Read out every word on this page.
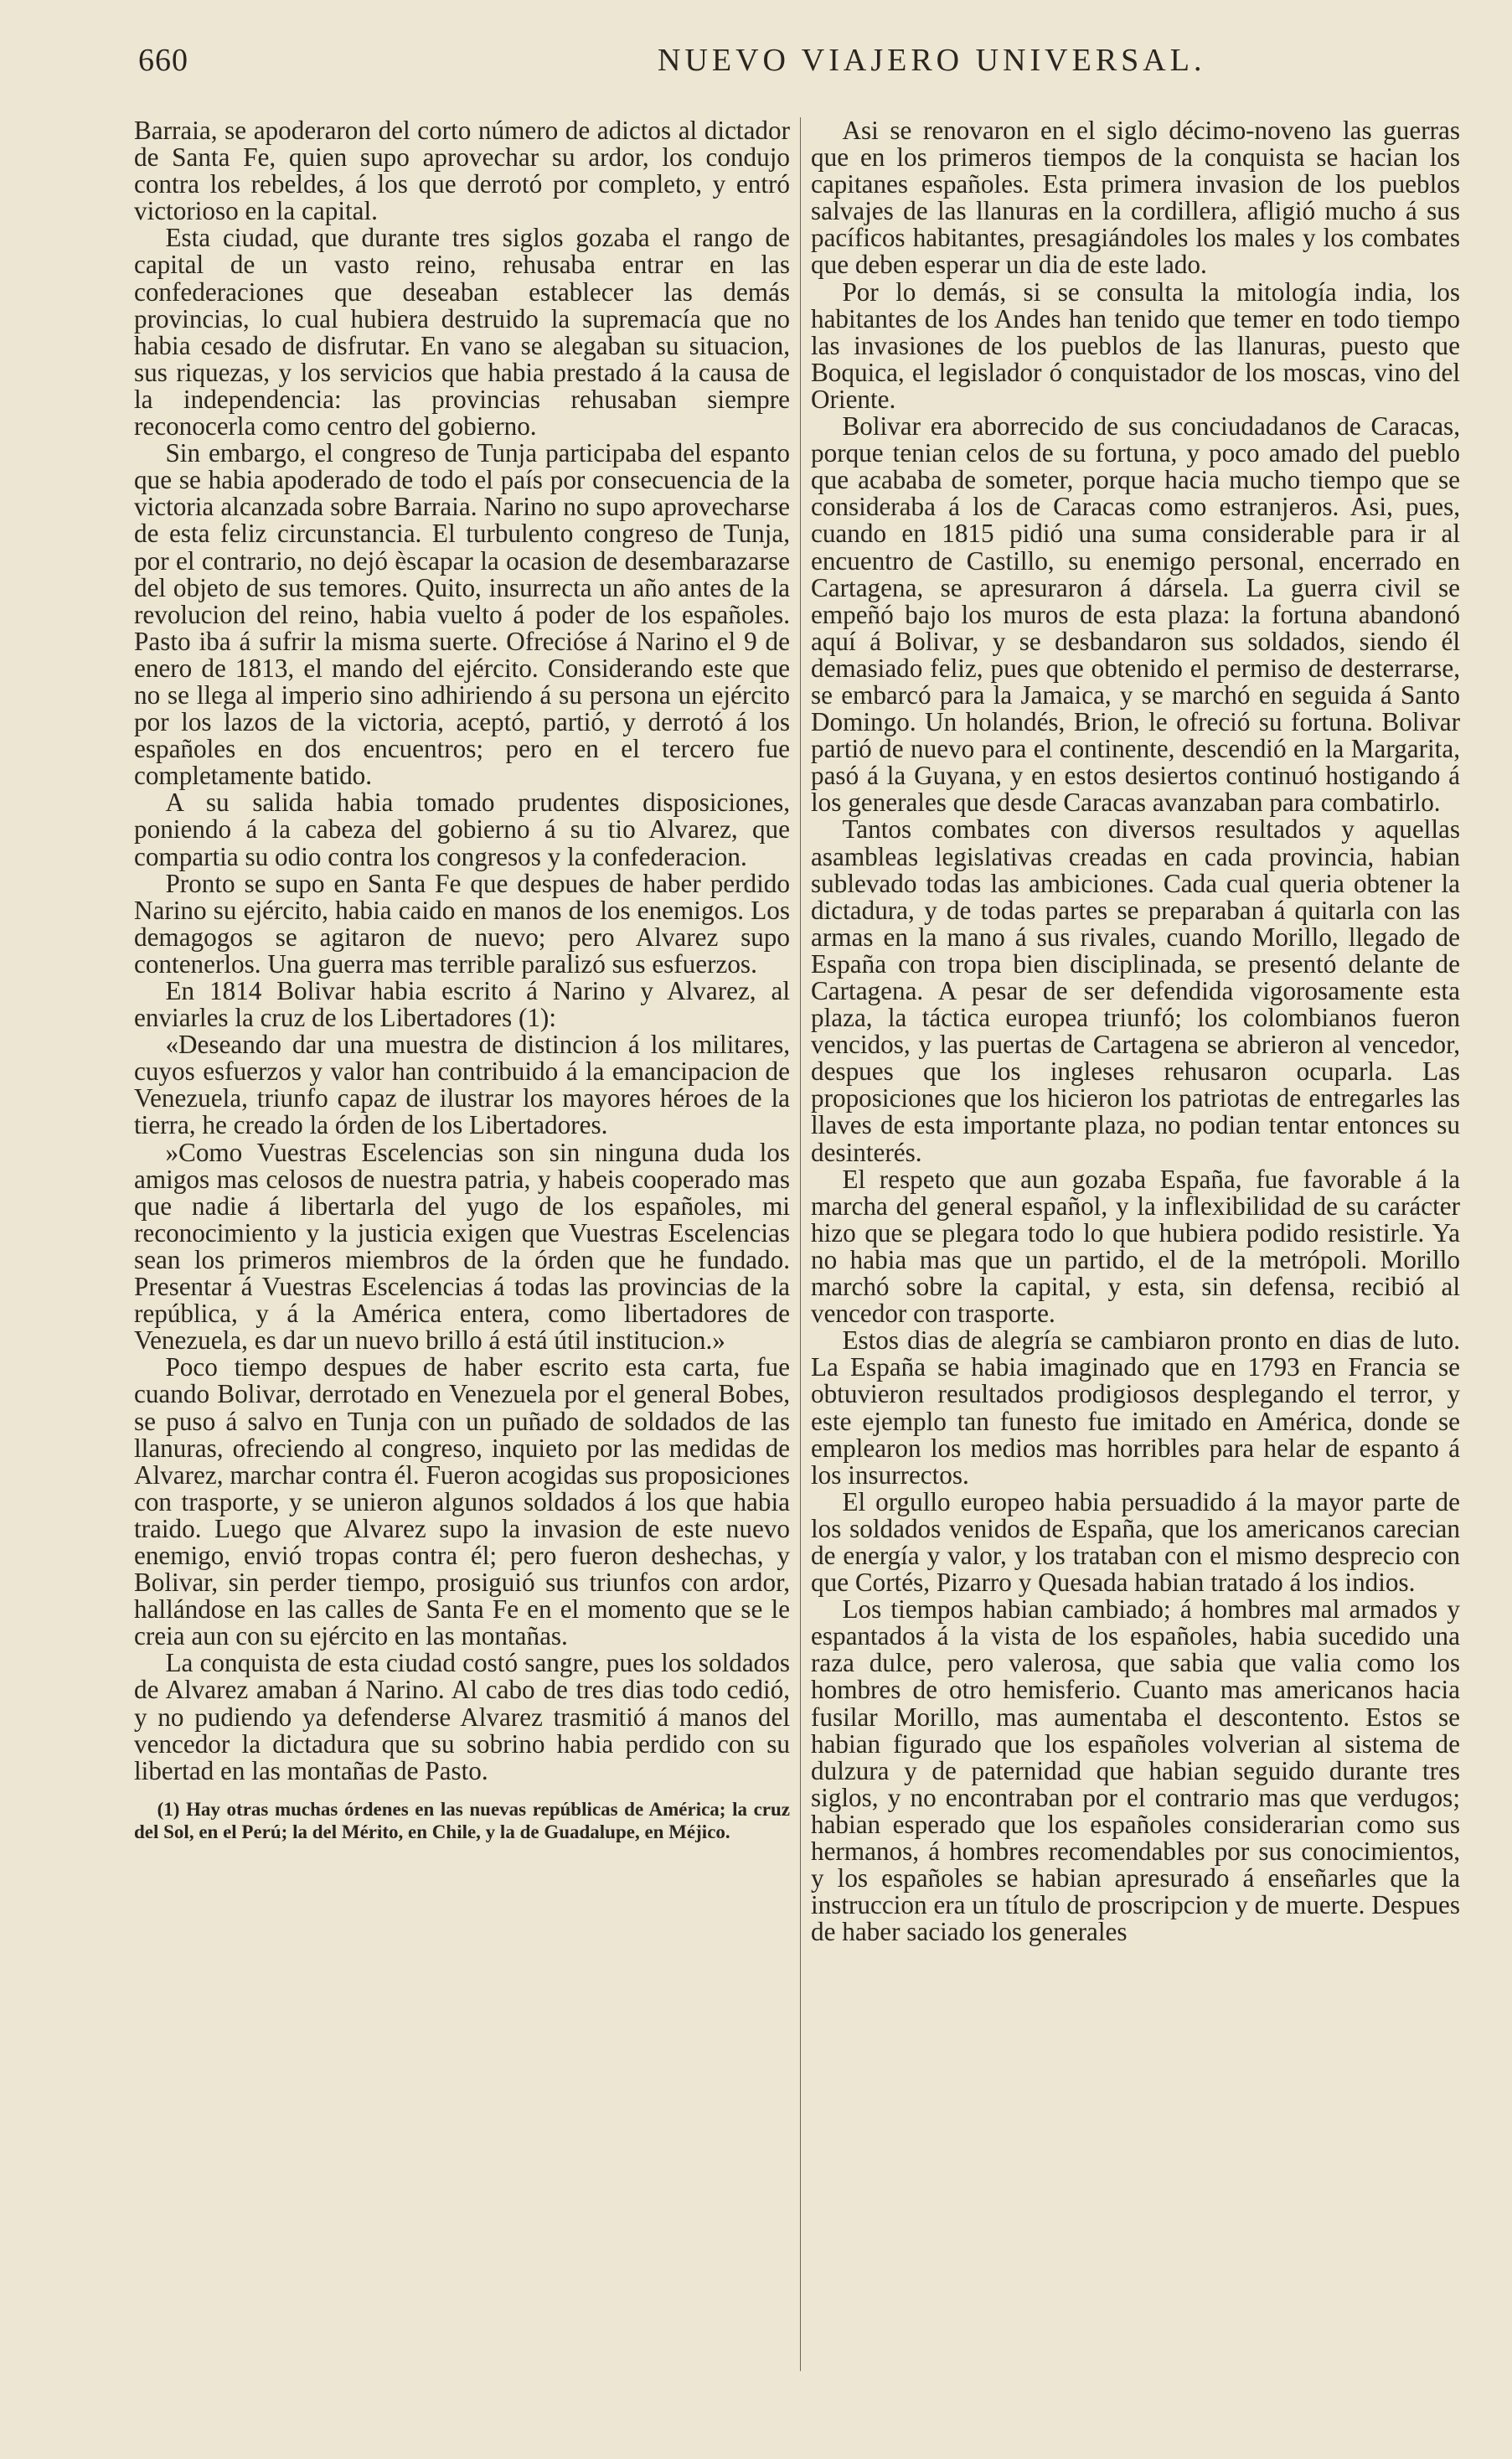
660	NUEVO VIAJERO UNIVERSAL.

Barraia, se apoderaron del corto número de adictos al dictador de Santa Fe, quien supo aprovechar su ardor, los condujo contra los rebeldes, á los que derrotó por completo, y entró victorioso en la capital.

Esta ciudad, que durante tres siglos gozaba el rango de capital de un vasto reino, rehusaba entrar en las confederaciones que deseaban establecer las demás provincias, lo cual hubiera destruido la supremacía que no habia cesado de disfrutar. En vano se alegaban su situacion, sus riquezas, y los servicios que habia prestado á la causa de la independencia: las provincias rehusaban siempre reconocerla como centro del gobierno.

Sin embargo, el congreso de Tunja participaba del espanto que se habia apoderado de todo el país por consecuencia de la victoria alcanzada sobre Barraia. Narino no supo aprovecharse de esta feliz circunstancia. El turbulento congreso de Tunja, por el contrario, no dejó èscapar la ocasion de desembarazarse del objeto de sus temores. Quito, insurrecta un año antes de la revolucion del reino, habia vuelto á poder de los españoles. Pasto iba á sufrir la misma suerte. Ofrecióse á Narino el 9 de enero de 1813, el mando del ejército. Considerando este que no se llega al imperio sino adhiriendo á su persona un ejército por los lazos de la victoria, aceptó, partió, y derrotó á los españoles en dos encuentros; pero en el tercero fue completamente batido.

A su salida habia tomado prudentes disposiciones, poniendo á la cabeza del gobierno á su tio Alvarez, que compartia su odio contra los congresos y la confederacion.

Pronto se supo en Santa Fe que despues de haber perdido Narino su ejército, habia caido en manos de los enemigos. Los demagogos se agitaron de nuevo; pero Alvarez supo contenerlos. Una guerra mas terrible paralizó sus esfuerzos.

En 1814 Bolivar habia escrito á Narino y Alvarez, al enviarles la cruz de los Libertadores (1):

«Deseando dar una muestra de distincion á los militares, cuyos esfuerzos y valor han contribuido á la emancipacion de Venezuela, triunfo capaz de ilustrar los mayores héroes de la tierra, he creado la órden de los Libertadores.

»Como Vuestras Escelencias son sin ninguna duda los amigos mas celosos de nuestra patria, y habeis cooperado mas que nadie á libertarla del yugo de los españoles, mi reconocimiento y la justicia exigen que Vuestras Escelencias sean los primeros miembros de la órden que he fundado. Presentar á Vuestras Escelencias á todas las provincias de la república, y á la América entera, como libertadores de Venezuela, es dar un nuevo brillo á está útil institucion.»

Poco tiempo despues de haber escrito esta carta, fue cuando Bolivar, derrotado en Venezuela por el general Bobes, se puso á salvo en Tunja con un puñado de soldados de las llanuras, ofreciendo al congreso, inquieto por las medidas de Alvarez, marchar contra él. Fueron acogidas sus proposiciones con trasporte, y se unieron algunos soldados á los que habia traido. Luego que Alvarez supo la invasion de este nuevo enemigo, envió tropas contra él; pero fueron deshechas, y Bolivar, sin perder tiempo, prosiguió sus triunfos con ardor, hallándose en las calles de Santa Fe en el momento que se le creia aun con su ejército en las montañas.

La conquista de esta ciudad costó sangre, pues los soldados de Alvarez amaban á Narino. Al cabo de tres dias todo cedió, y no pudiendo ya defenderse Alvarez trasmitió á manos del vencedor la dictadura que su sobrino habia perdido con su libertad en las montañas de Pasto.

(1) Hay otras muchas órdenes en las nuevas repúblicas de América; la cruz del Sol, en el Perú; la del Mérito, en Chile, y la de Guadalupe, en Méjico.

Asi se renovaron en el siglo décimo-noveno las guerras que en los primeros tiempos de la conquista se hacian los capitanes españoles. Esta primera invasion de los pueblos salvajes de las llanuras en la cordillera, afligió mucho á sus pacíficos habitantes, presagiándoles los males y los combates que deben esperar un dia de este lado.

Por lo demás, si se consulta la mitología india, los habitantes de los Andes han tenido que temer en todo tiempo las invasiones de los pueblos de las llanuras, puesto que Boquica, el legislador ó conquistador de los moscas, vino del Oriente.

Bolivar era aborrecido de sus conciudadanos de Caracas, porque tenian celos de su fortuna, y poco amado del pueblo que acababa de someter, porque hacia mucho tiempo que se consideraba á los de Caracas como estranjeros. Asi, pues, cuando en 1815 pidió una suma considerable para ir al encuentro de Castillo, su enemigo personal, encerrado en Cartagena, se apresuraron á dársela. La guerra civil se empeñó bajo los muros de esta plaza: la fortuna abandonó aquí á Bolivar, y se desbandaron sus soldados, siendo él demasiado feliz, pues que obtenido el permiso de desterrarse, se embarcó para la Jamaica, y se marchó en seguida á Santo Domingo. Un holandés, Brion, le ofreció su fortuna. Bolivar partió de nuevo para el continente, descendió en la Margarita, pasó á la Guyana, y en estos desiertos continuó hostigando á los generales que desde Caracas avanzaban para combatirlo.

Tantos combates con diversos resultados y aquellas asambleas legislativas creadas en cada provincia, habian sublevado todas las ambiciones. Cada cual queria obtener la dictadura, y de todas partes se preparaban á quitarla con las armas en la mano á sus rivales, cuando Morillo, llegado de España con tropa bien disciplinada, se presentó delante de Cartagena. A pesar de ser defendida vigorosamente esta plaza, la táctica europea triunfó; los colombianos fueron vencidos, y las puertas de Cartagena se abrieron al vencedor, despues que los ingleses rehusaron ocuparla. Las proposiciones que los hicieron los patriotas de entregarles las llaves de esta importante plaza, no podian tentar entonces su desinterés.

El respeto que aun gozaba España, fue favorable á la marcha del general español, y la inflexibilidad de su carácter hizo que se plegara todo lo que hubiera podido resistirle. Ya no habia mas que un partido, el de la metrópoli. Morillo marchó sobre la capital, y esta, sin defensa, recibió al vencedor con trasporte.

Estos dias de alegría se cambiaron pronto en dias de luto. La España se habia imaginado que en 1793 en Francia se obtuvieron resultados prodigiosos desplegando el terror, y este ejemplo tan funesto fue imitado en América, donde se emplearon los medios mas horribles para helar de espanto á los insurrectos.

El orgullo europeo habia persuadido á la mayor parte de los soldados venidos de España, que los americanos carecian de energía y valor, y los trataban con el mismo desprecio con que Cortés, Pizarro y Quesada habian tratado á los indios.

Los tiempos habian cambiado; á hombres mal armados y espantados á la vista de los españoles, habia sucedido una raza dulce, pero valerosa, que sabia que valia como los hombres de otro hemisferio. Cuanto mas americanos hacia fusilar Morillo, mas aumentaba el descontento. Estos se habian figurado que los españoles volverian al sistema de dulzura y de paternidad que habian seguido durante tres siglos, y no encontraban por el contrario mas que verdugos; habian esperado que los españoles considerarian como sus hermanos, á hombres recomendables por sus conocimientos, y los españoles se habian apresurado á enseñarles que la instruccion era un título de proscripcion y de muerte. Despues de haber saciado los generales
